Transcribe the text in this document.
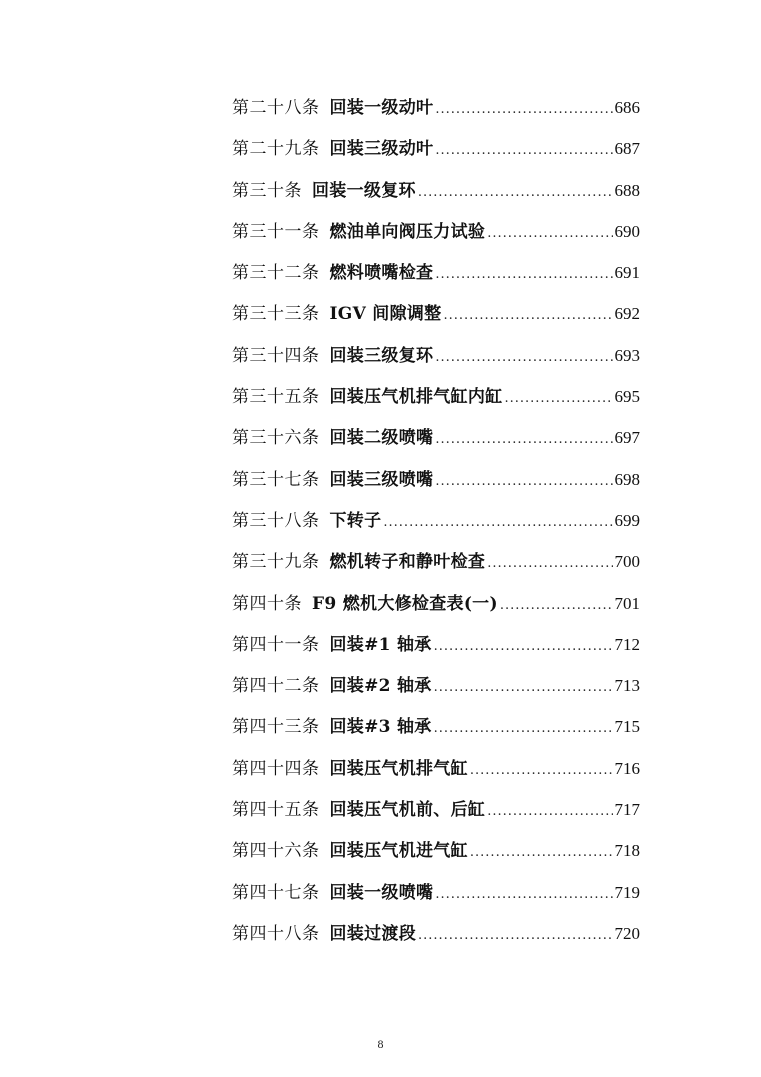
第二十八条 回装一级动叶 .....	686
第二十九条 回装三级动叶 .....	687
第三十条 回装一级复环 .....	688
第三十一条 燃油单向阀压力试验 .....	690
第三十二条 燃料喷嘴检查 .....	691
第三十三条 IGV 间隙调整 .....	692
第三十四条 回装三级复环 .....	693
第三十五条 回装压气机排气缸内缸 .....	695
第三十六条 回装二级喷嘴 .....	697
第三十七条 回装三级喷嘴 .....	698
第三十八条 下转子 .....	699
第三十九条 燃机转子和静叶检查 .....	700
第四十条 F9 燃机大修检查表(一) .....	701
第四十一条 回装#1 轴承 .....	712
第四十二条 回装#2 轴承 .....	713
第四十三条 回装#3 轴承 .....	715
第四十四条 回装压气机排气缸 .....	716
第四十五条 回装压气机前、后缸 .....	717
第四十六条 回装压气机进气缸 .....	718
第四十七条 回装一级喷嘴 .....	719
第四十八条 回装过渡段 .....	720
8
